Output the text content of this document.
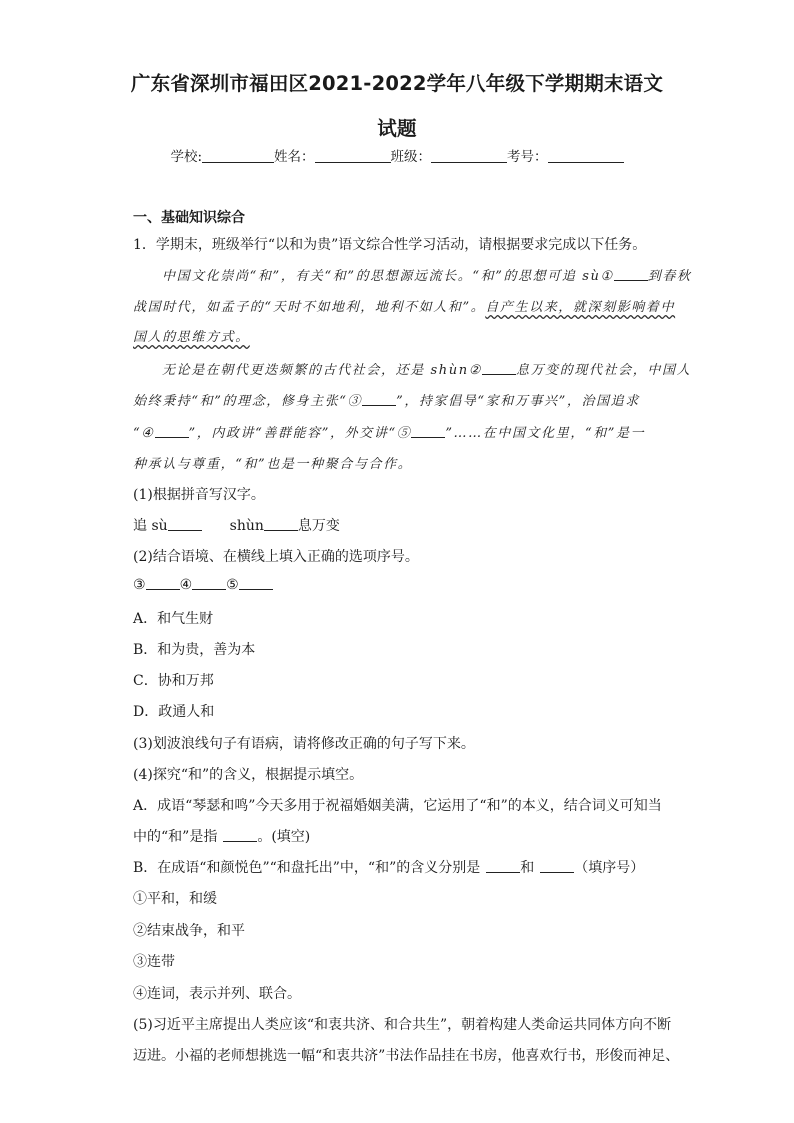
广东省深圳市福田区2021-2022学年八年级下学期期末语文
试题
学校:	姓名：	班级：	考号：
一、基础知识综合
1．学期末，班级举行“以和为贵”语文综合性学习活动，请根据要求完成以下任务。
中国文化崇尚“和”，有关“和”的思想源远流长。“和”的思想可追 sù①	到春秋
战国时代，如孟子的“天时不如地利，地利不如人和”。自产生以来，就深刻影响着中
国人的思维方式。
无论是在朝代更迭频繁的古代社会，还是 shùn②	息万变的现代社会，中国人
始终秉持“和”的理念，修身主张“③	”，持家倡导“家和万事兴”，治国追求
“④	”，内政讲“善群能容”，外交讲“⑤	”……在中国文化里，“和”是一
种承认与尊重，“和”也是一种聚合与合作。
(1)根据拼音写汉字。
追 sù	shùn 息万变
(2)结合语境、在横线上填入正确的选项序号。
③ ④ ⑤
A．和气生财
B．和为贵，善为本
C．协和万邦
D．政通人和
(3)划波浪线句子有语病，请将修改正确的句子写下来。
(4)探究“和”的含义，根据提示填空。
A．成语“琴瑟和鸣”今天多用于祝福婚姻美满，它运用了“和”的本义，结合词义可知当
中的“和”是指	。(填空)
B．在成语“和颜悦色”“和盘托出”中，“和”的含义分别是	和	（填序号）
①平和，和缓
②结束战争，和平
③连带
④连词，表示并列、联合。
(5)习近平主席提出人类应该“和衷共济、和合共生”，朝着构建人类命运共同体方向不断
迈进。小福的老师想挑选一幅“和衷共济”书法作品挂在书房，他喜欢行书，形俊而神足、
